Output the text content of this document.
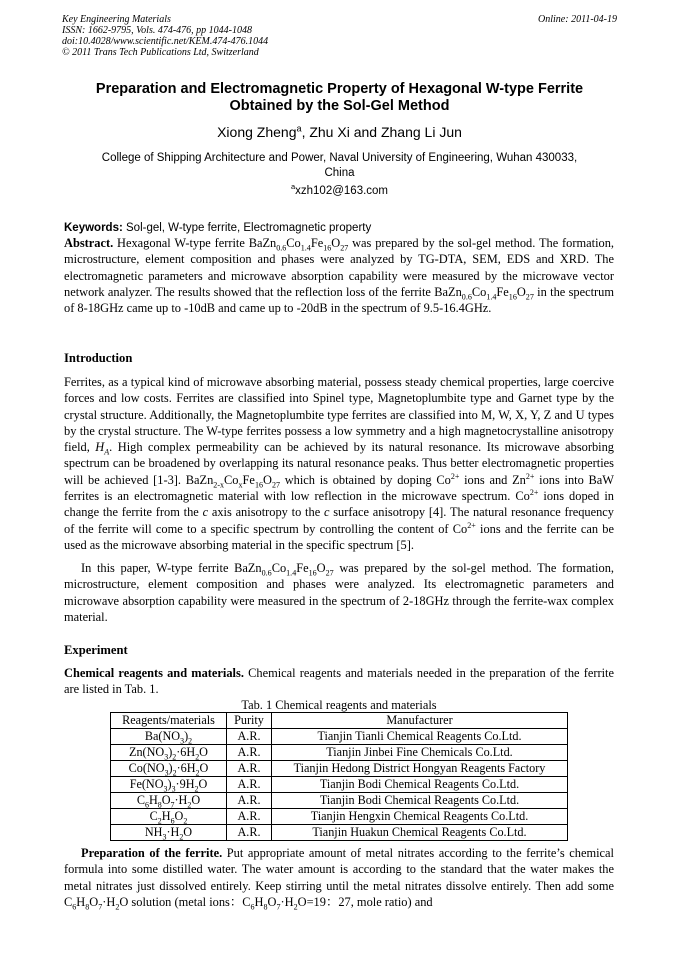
Key Engineering Materials
ISSN: 1662-9795, Vols. 474-476, pp 1044-1048
doi:10.4028/www.scientific.net/KEM.474-476.1044
© 2011 Trans Tech Publications Ltd, Switzerland
Online: 2011-04-19
Preparation and Electromagnetic Property of Hexagonal W-type Ferrite
Obtained by the Sol-Gel Method
Xiong Zheng$^a$, Zhu Xi and Zhang Li Jun
College of Shipping Architecture and Power, Naval University of Engineering, Wuhan 430033,
China
$^a$xzh102@163.com
Keywords: Sol-gel, W-type ferrite, Electromagnetic property
Abstract. Hexagonal W-type ferrite $BaZn_{0.6}Co_{1.4}Fe_{16}O_{27}$ was prepared by the sol-gel method. The formation, microstructure, element composition and phases were analyzed by TG-DTA, SEM, EDS and XRD. The electromagnetic parameters and microwave absorption capability were measured by the microwave vector network analyzer. The results showed that the reflection loss of the ferrite $BaZn_{0.6}Co_{1.4}Fe_{16}O_{27}$ in the spectrum of 8-18GHz came up to -10dB and came up to -20dB in the spectrum of 9.5-16.4GHz.
Introduction
Ferrites, as a typical kind of microwave absorbing material, possess steady chemical properties, large coercive forces and low costs. Ferrites are classified into Spinel type, Magnetoplumbite type and Garnet type by the crystal structure. Additionally, the Magnetoplumbite type ferrites are classified into M, W, X, Y, Z and U types by the crystal structure. The W-type ferrites possess a low symmetry and a high magnetocrystalline anisotropy field, $H_A$. High complex permeability can be achieved by its natural resonance. Its microwave absorbing spectrum can be broadened by overlapping its natural resonance peaks. Thus better electromagnetic properties will be achieved [1-3]. $BaZn_{2-x}Co_xFe_{16}O_{27}$ which is obtained by doping $Co^{2+}$ ions and $Zn^{2+}$ ions into BaW ferrites is an electromagnetic material with low reflection in the microwave spectrum. $Co^{2+}$ ions doped in change the ferrite from the c axis anisotropy to the c surface anisotropy [4]. The natural resonance frequency of the ferrite will come to a specific spectrum by controlling the content of $Co^{2+}$ ions and the ferrite can be used as the microwave absorbing material in the specific spectrum [5].
In this paper, W-type ferrite $BaZn_{0.6}Co_{1.4}Fe_{16}O_{27}$ was prepared by the sol-gel method. The formation, microstructure, element composition and phases were analyzed. Its electromagnetic parameters and microwave absorption capability were measured in the spectrum of 2-18GHz through the ferrite-wax complex material.
Experiment
Chemical reagents and materials. Chemical reagents and materials needed in the preparation of the ferrite are listed in Tab. 1.
Tab. 1 Chemical reagents and materials
Reagents/materials	Purity	Manufacturer
$Ba(NO_3)_2$	A.R.	Tianjin Tianli Chemical Reagents Co.Ltd.
$Zn(NO_3)_2\cdot 6H_2O$	A.R.	Tianjin Jinbei Fine Chemicals Co.Ltd.
$Co(NO_3)_2\cdot 6H_2O$	A.R.	Tianjin Hedong District Hongyan Reagents Factory
$Fe(NO_3)_3\cdot 9H_2O$	A.R.	Tianjin Bodi Chemical Reagents Co.Ltd.
$C_6H_8O_7\cdot H_2O$	A.R.	Tianjin Bodi Chemical Reagents Co.Ltd.
$C_2H_6O_2$	A.R.	Tianjin Hengxin Chemical Reagents Co.Ltd.
$NH_3\cdot H_2O$	A.R.	Tianjin Huakun Chemical Reagents Co.Ltd.
Preparation of the ferrite. Put appropriate amount of metal nitrates according to the ferrite’s chemical formula into some distilled water. The water amount is according to the standard that the water makes the metal nitrates just dissolved entirely. Keep stirring until the metal nitrates dissolve entirely. Then add some $C_6H_8O_7\cdot H_2O$ solution (metal ions：$C_6H_8O_7\cdot H_2O=19$：27, mole ratio) and
